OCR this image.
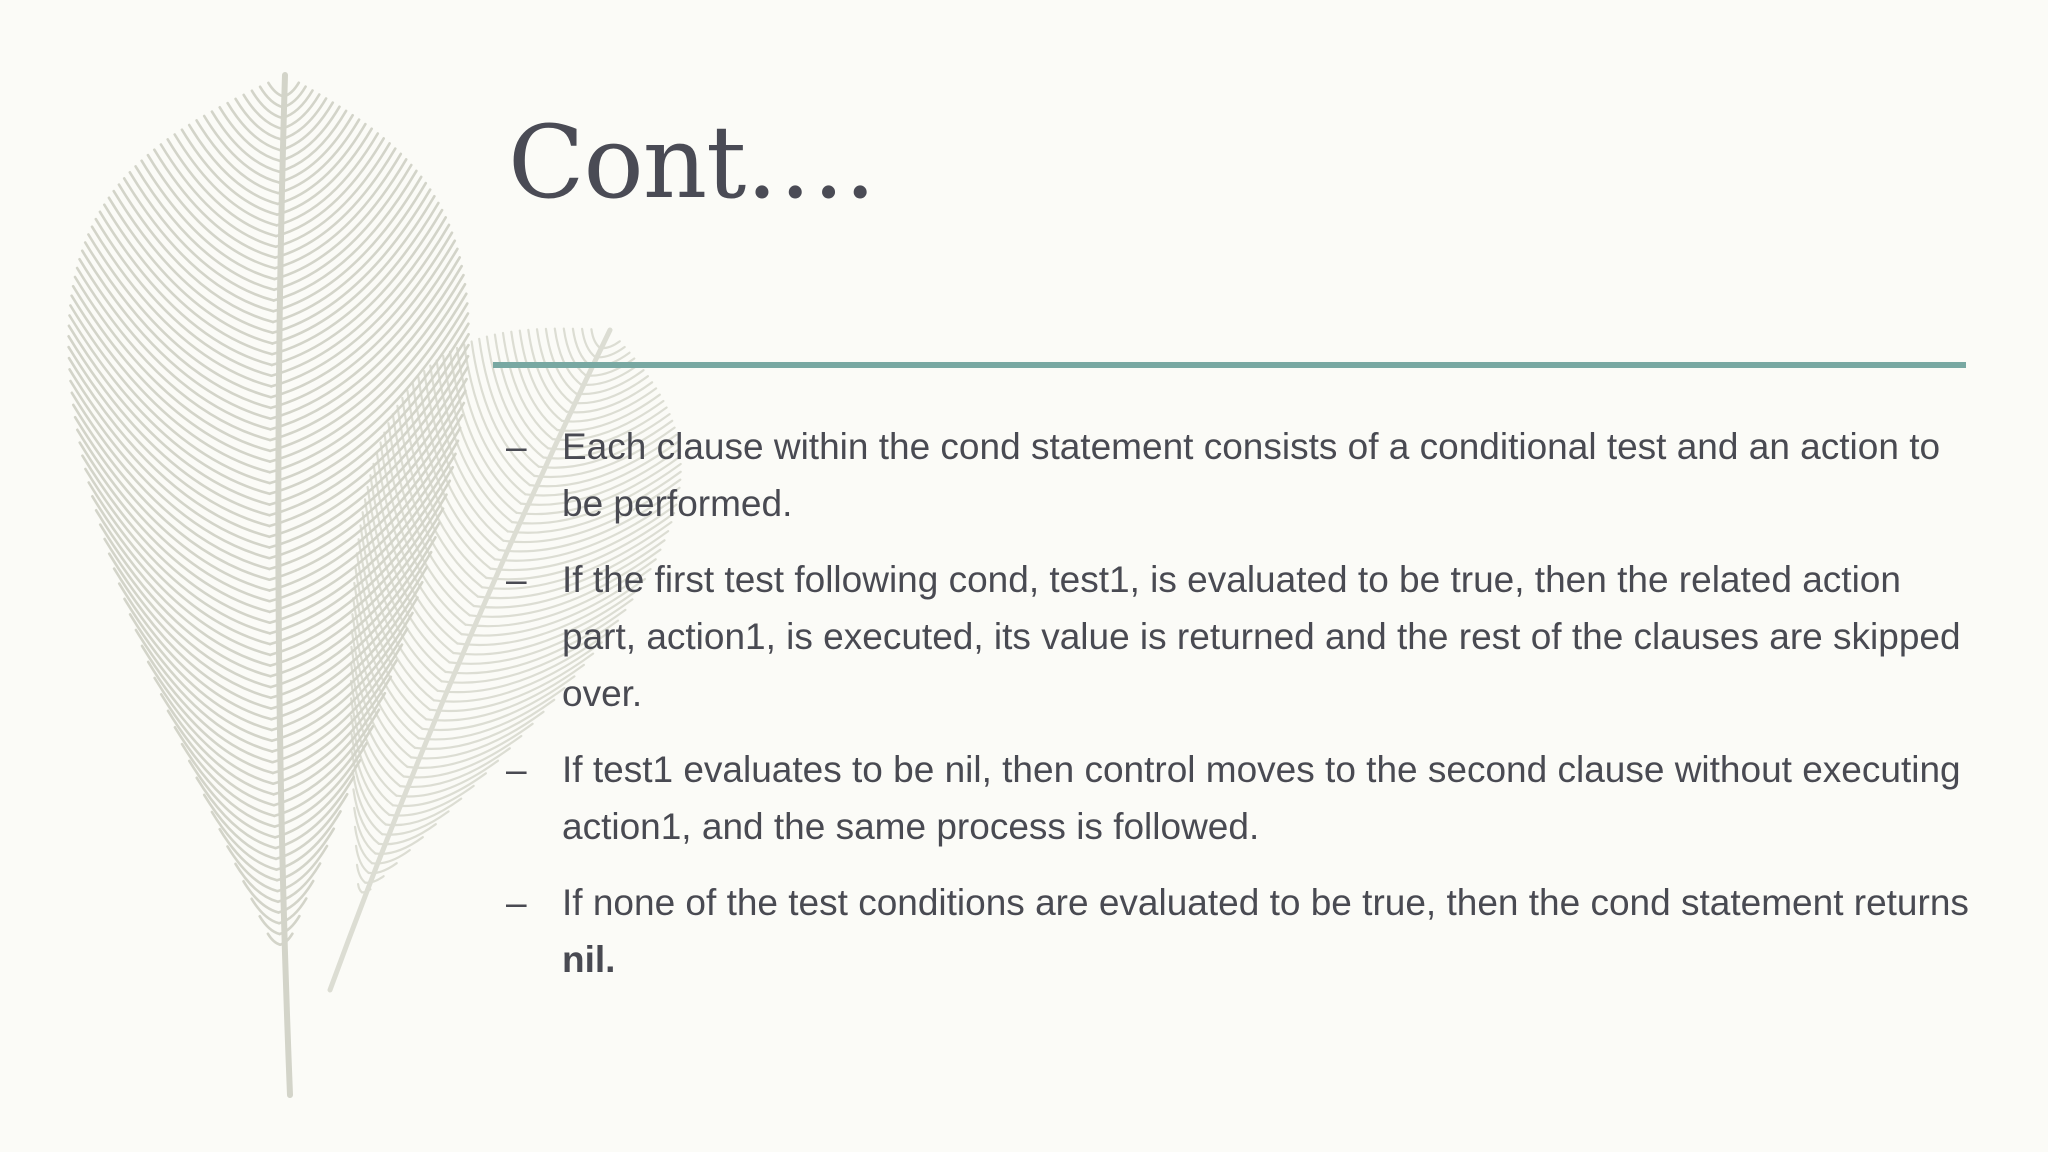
Cont….
– Each clause within the cond statement consists of a conditional test and an action to be performed.
– If the first test following cond, test1, is evaluated to be true, then the related action part, action1, is executed, its value is returned and the rest of the clauses are skipped over.
– If test1 evaluates to be nil, then control moves to the second clause without executing action1, and the same process is followed.
– If none of the test conditions are evaluated to be true, then the cond statement returns nil.
